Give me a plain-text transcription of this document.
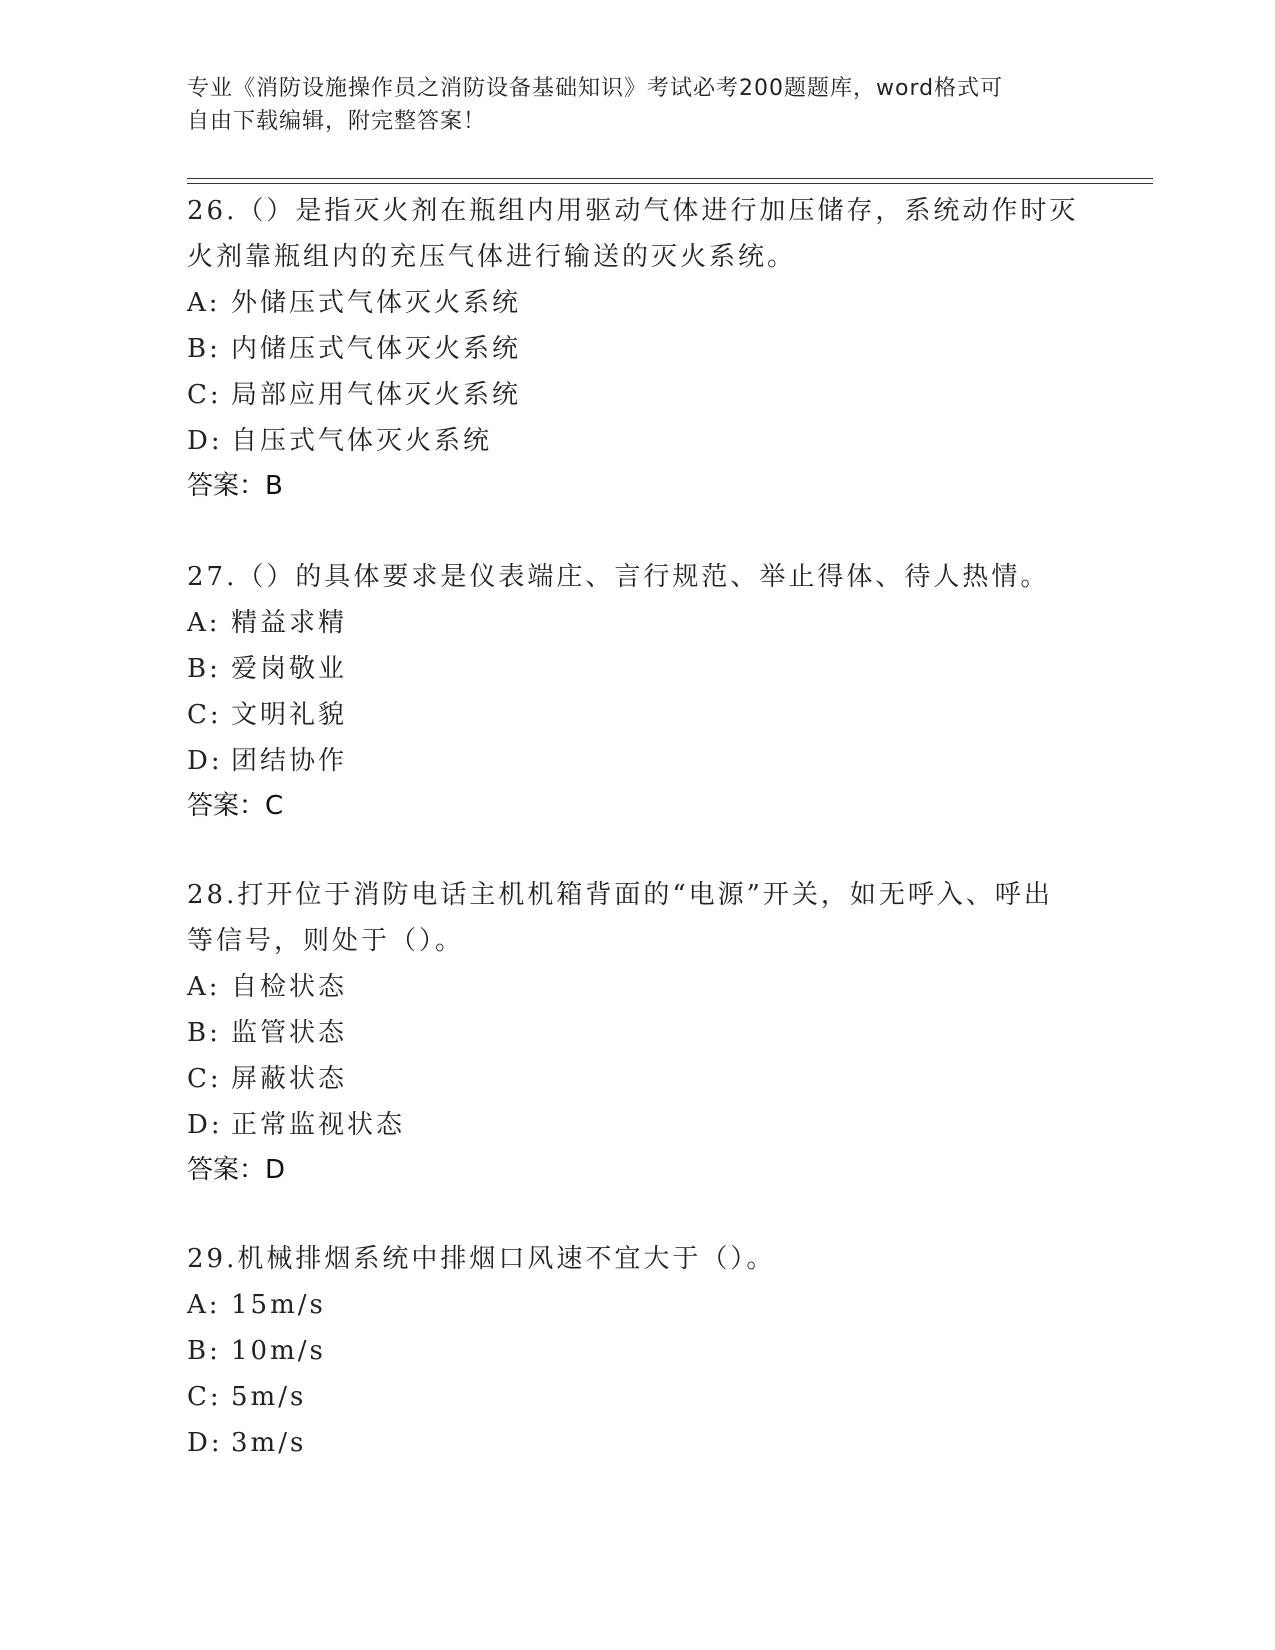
专业《消防设施操作员之消防设备基础知识》考试必考200题题库，word格式可
自由下载编辑，附完整答案！
26.（）是指灭火剂在瓶组内用驱动气体进行加压储存，系统动作时灭
火剂靠瓶组内的充压气体进行输送的灭火系统。
A: 外储压式气体灭火系统
B: 内储压式气体灭火系统
C: 局部应用气体灭火系统
D: 自压式气体灭火系统
答案：B
27.（）的具体要求是仪表端庄、言行规范、举止得体、待人热情。
A: 精益求精
B: 爱岗敬业
C: 文明礼貌
D: 团结协作
答案：C
28.打开位于消防电话主机机箱背面的“电源”开关，如无呼入、呼出
等信号，则处于（）。
A: 自检状态
B: 监管状态
C: 屏蔽状态
D: 正常监视状态
答案：D
29.机械排烟系统中排烟口风速不宜大于（）。
A: 15m/s
B: 10m/s
C: 5m/s
D: 3m/s
